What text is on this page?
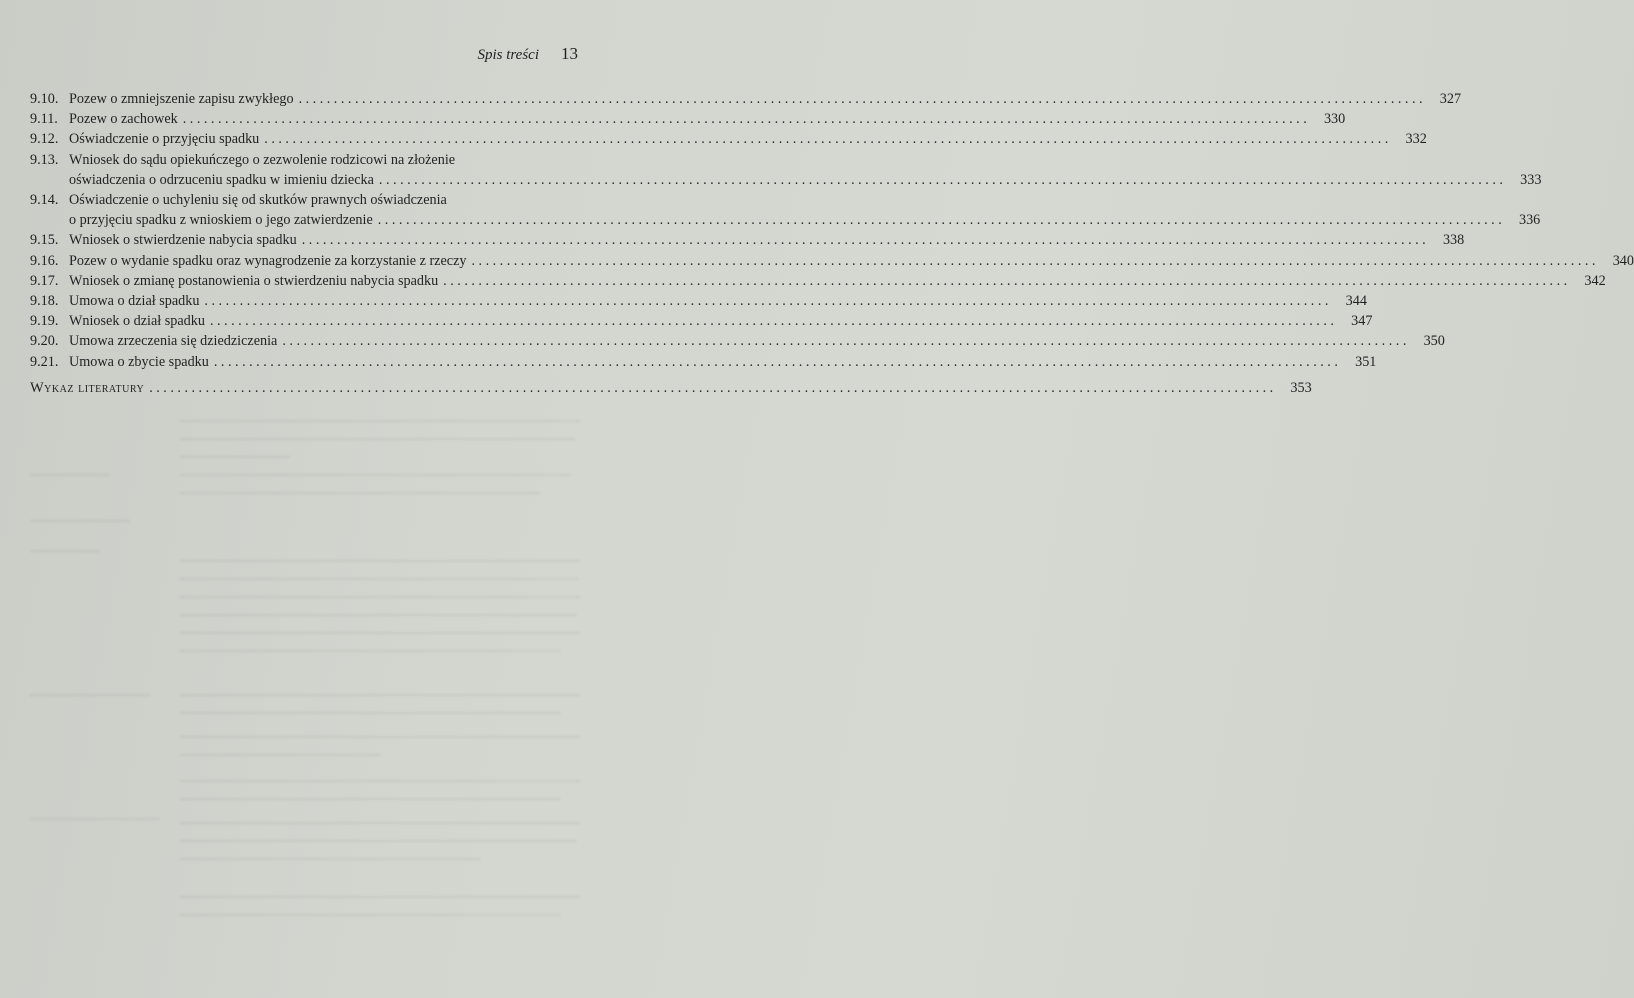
Spis treści 13
9.10. Pozew o zmniejszenie zapisu zwykłego ................................................................................................................................................................ 327
9.11. Pozew o zachowek ................................................................................................................................................................ 330
9.12. Oświadczenie o przyjęciu spadku ................................................................................................................................................................ 332
9.13. Wniosek do sądu opiekuńczego o zezwolenie rodzicowi na złożenie
oświadczenia o odrzuceniu spadku w imieniu dziecka ................................................................................................................................................................ 333
9.14. Oświadczenie o uchyleniu się od skutków prawnych oświadczenia
o przyjęciu spadku z wnioskiem o jego zatwierdzenie ................................................................................................................................................................ 336
9.15. Wniosek o stwierdzenie nabycia spadku ................................................................................................................................................................ 338
9.16. Pozew o wydanie spadku oraz wynagrodzenie za korzystanie z rzeczy ................................................................................................................................................................ 340
9.17. Wniosek o zmianę postanowienia o stwierdzeniu nabycia spadku ................................................................................................................................................................ 342
9.18. Umowa o dział spadku ................................................................................................................................................................ 344
9.19. Wniosek o dział spadku ................................................................................................................................................................ 347
9.20. Umowa zrzeczenia się dziedziczenia ................................................................................................................................................................ 350
9.21. Umowa o zbycie spadku ................................................................................................................................................................ 351
Wykaz literatury ................................................................................................................................................................ 353
